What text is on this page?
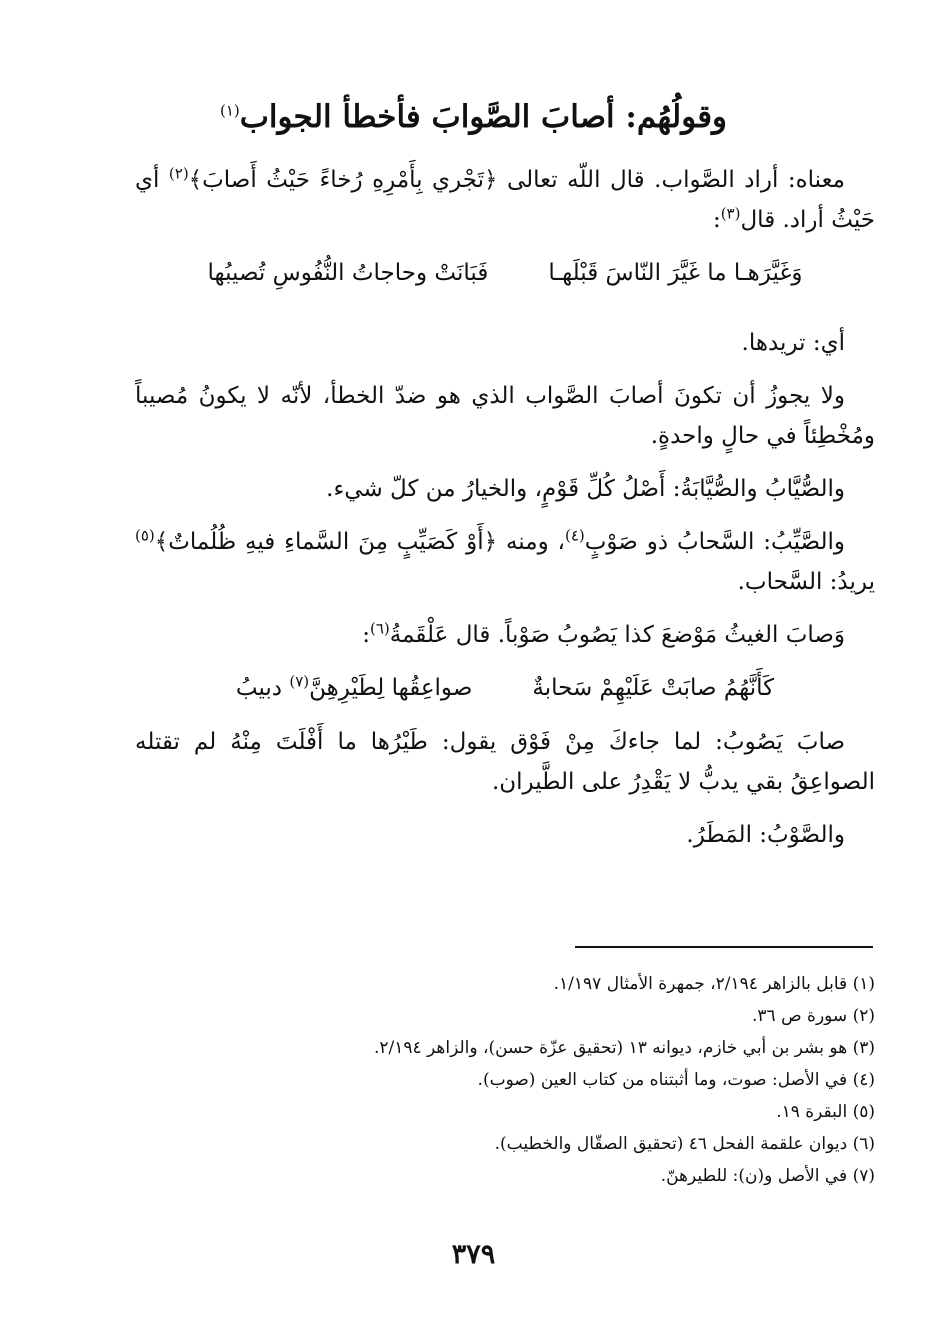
وقولُهُم: أصابَ الصَّوابَ فأخطأ الجواب$^{(١)}$

معناه: أراد الصَّواب. قال اللّه تعالى ﴿تَجْري بِأَمْرِهِ رُخاءً حَيْثُ أَصابَ﴾$^{(٢)}$ أي حَيْثُ أراد. قال$^{(٣)}$:

وَغَيَّرَهـا ما غَيَّرَ النّاسَ قَبْلَهـا
فَبَانَتْ وحاجاتُ النُّفُوسِ تُصيبُها

أي: تريدها.

ولا يجوزُ أن تكونَ أصابَ الصَّواب الذي هو ضدّ الخطأ، لأنّه لا يكونُ مُصيباً ومُخْطِئاً في حالٍ واحدةٍ.

والصُّيَّابُ والصُّيَّابَةُ: أَصْلُ كُلِّ قَوْمٍ، والخيارُ من كلّ شيء.

والصَّيِّبُ: السَّحابُ ذو صَوْبٍ$^{(٤)}$، ومنه ﴿أَوْ كَصَيِّبٍ مِنَ السَّماءِ فيهِ ظُلُماتٌ﴾$^{(٥)}$ يريدُ: السَّحاب.

وَصابَ الغيثُ مَوْضعَ كذا يَصُوبُ صَوْباً. قال عَلْقَمةُ$^{(٦)}$:

كَأَنَّهُمُ صابَتْ عَلَيْهِمْ سَحابةٌ
صواعِقُها لِطَيْرِهِنَّ$^{(٧)}$ دبيبُ

صابَ يَصُوبُ: لما جاءكَ مِنْ فَوْق يقول: طَيْرُها ما أَفْلَتَ مِنْهُ لم تقتله الصواعِقُ بقي يدبُّ لا يَقْدِرُ على الطَّيران.

والصَّوْبُ: المَطَرُ.

(١) قابل بالزاهر ٢/١٩٤، جمهرة الأمثال ١/١٩٧.
(٢) سورة ص ٣٦.
(٣) هو بشر بن أبي خازم، ديوانه ١٣ (تحقيق عزّة حسن)، والزاهر ٢/١٩٤.
(٤) في الأصل: صوت، وما أثبتناه من كتاب العين (صوب).
(٥) البقرة ١٩.
(٦) ديوان علقمة الفحل ٤٦ (تحقيق الصقّال والخطيب).
(٧) في الأصل و(ن): للطيرهنّ.
٣٧٩
